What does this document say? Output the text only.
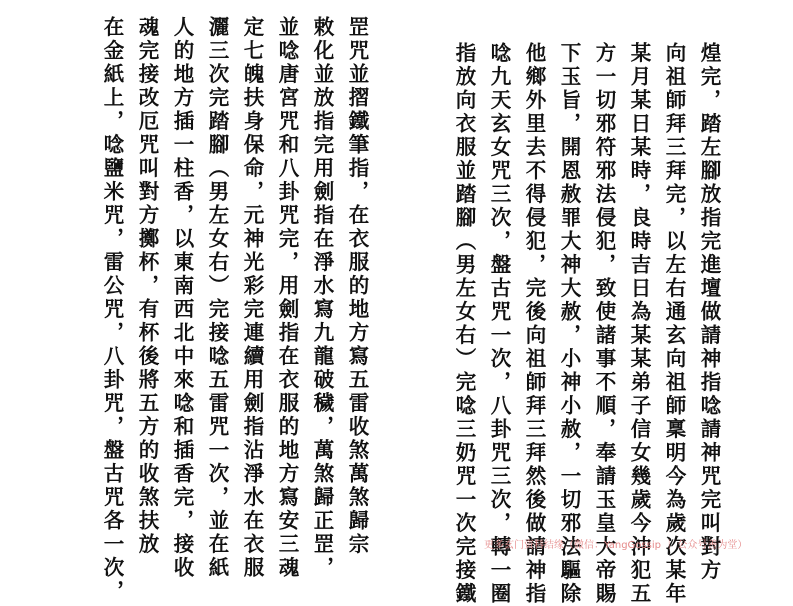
罡咒並摺鐵筆指，在衣服的地方寫五雷收煞萬煞歸宗
敕化並放指完用劍指在淨水寫九龍破穢，萬煞歸正罡，
並唸唐宮咒和八卦咒完，用劍指在衣服的地方寫安三魂
定七魄扶身保命，元神光彩完連續用劍指沾淨水在衣服
灑三次完踏腳（男左女右）完接唸五雷咒一次，並在紙
人的地方插一柱香，以東南西北中來唸和插香完，接收
魂完接改厄咒叫對方擲杯，有杯後將五方的收煞扶放
在金紙上，唸鹽米咒，雷公咒，八卦咒，盤古咒各一次，	煌完，踏左腳放指完進壇做請神指唸請神咒完叫對方
向祖師拜三拜完，以左右通玄向祖師稟明今為歲次某年
某月某日某時，良時吉日為某某弟子信女幾歲今沖犯五
方一切邪符邪法侵犯，致使諸事不順，奉請玉皇大帝賜
下玉旨，開恩赦罪大神大赦，小神小赦，一切邪法驅除
他鄉外里去不得侵犯，完後向祖師拜三拜然後做請神指
唸九天玄女咒三次，盤古咒一次，八卦咒三次，轉一圈
指放向衣服並踏腳（男左女右）完唸三奶咒一次完接鐵 更多玄门资料结缘（微信：YangGossip ｜ 公众号善为堂）
